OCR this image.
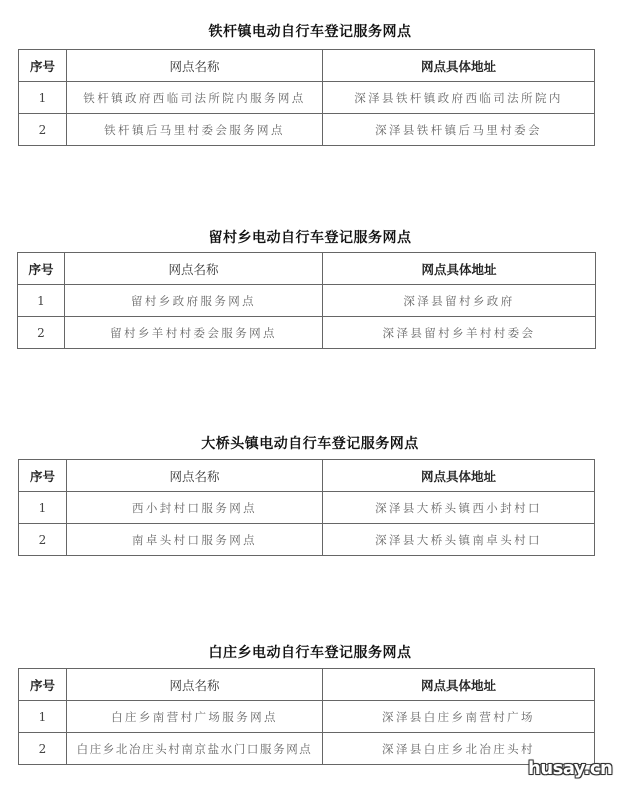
铁杆镇电动自行车登记服务网点
序号	网点名称	网点具体地址
1	铁杆镇政府西临司法所院内服务网点	深泽县铁杆镇政府西临司法所院内
2	铁杆镇后马里村委会服务网点	深泽县铁杆镇后马里村委会
留村乡电动自行车登记服务网点
序号	网点名称	网点具体地址
1	留村乡政府服务网点	深泽县留村乡政府
2	留村乡羊村村委会服务网点	深泽县留村乡羊村村委会
大桥头镇电动自行车登记服务网点
序号	网点名称	网点具体地址
1	西小封村口服务网点	深泽县大桥头镇西小封村口
2	南卓头村口服务网点	深泽县大桥头镇南卓头村口
白庄乡电动自行车登记服务网点
序号	网点名称	网点具体地址
1	白庄乡南营村广场服务网点	深泽县白庄乡南营村广场
2	白庄乡北冶庄头村南京盐水门口服务网点	深泽县白庄乡北冶庄头村
husay.cn
